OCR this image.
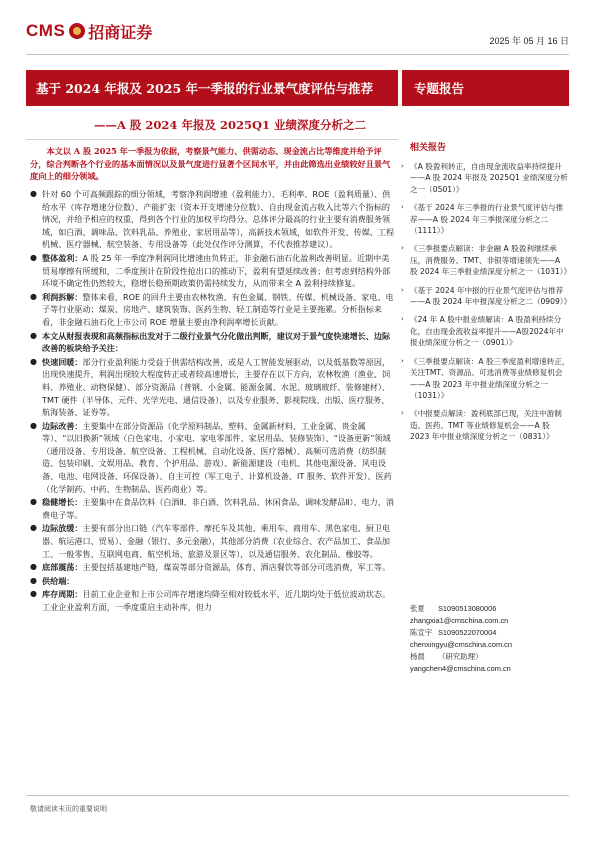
CMS 招商证券	2025 年 05 月 16 日
基于 2024 年报及 2025 年一季报的行业景气度评估与推荐	专题报告
——A 股 2024 年报及 2025Q1 业绩深度分析之二
本文以 A 股 2025 年一季报为依据，考察景气能力、供需动态、现金流占比等维度并给予评分，综合判断各个行业的基本面情况以及景气度进行显著个区间水平，并由此筛选出业绩较好且景气度向上的细分领域。
● 针对 60 个可高频跟踪的细分领域，考察净利润增速（盈利能力）、毛利率、ROE（盈利质量）、供给水平（库存增速分位数）、产能扩张（资本开支增速分位数）、自由现金流占收入比等六个指标的情况，并给予相应的权重，得到各个行业的加权平均得分。总体评分最高的行业主要有消费服务领域，如白酒、调味品、饮料乳品、养殖业、家居用品等），高新技术领域，如软件开发、传媒、工程机械、医疗器械、航空装备、专用设备等（此处仅作评分测算，不代表推荐建议）。
● 整体盈利：A 股 25 年一季度净利润同比增速由负转正，非金融石油石化盈利改善明显。近期中美贸易摩擦有所缓和，二季度预计在阶段性抢出口的推动下，盈利有望延续改善；但考虑到结构外部环境不确定性仍然较大，稳增长稳预期政策仍需持续发力，从而带来全 A 盈利持续修复。
● 利润拆解：整体来看，ROE 的回升主要由农林牧渔、有色金属、钢铁、传媒、机械设备、家电、电子等行业驱动；煤炭、房地产、建筑装饰、医药生物、轻工制造等行业是主要拖累。分析指标来看，非金融石油石化上市公司 ROE 增量主要由净利润率增长贡献。
● 本文从财报表现和高频指标出发对于二级行业景气分化做出判断，建议对于景气度快速增长、边际改善的板块给予关注：
● 快速回暖：部分行业盈利能力受益于供需结构改善，或是人工智能发展驱动，以及低基数等原因，出现快速提升，利润出现较大程度转正或者较高速增长，主要存在以下方向，农林牧渔（渔业、饲料、养殖业、动物保健）、部分资源品（普钢、小金属、能源金属、水泥、玻璃玻纤、装修建材）、TMT 硬件（半导体、元件、光学光电、通信设备），以及专业服务、影视院线、出版、医疗服务、航海装备、证券等。
● 边际改善：主要集中在部分资源品（化学原料制品、塑料、金属新材料、工业金属、贵金属等）、“以旧换新”领域（白色家电、小家电、家电零部件、家居用品、装修装饰）、“设备更新”领域（通用设备、专用设备、航空设备、工程机械、自动化设备、医疗器械）、高频可选消费（纺织制造、包装印刷、文娱用品、教育、个护用品、游戏）、新能源建设（电机、其他电源设备、风电设备、电池、电网设备、环保设备）、自主可控（军工电子、计算机设备、IT 服务、软件开发）、医药（化学制药、中药、生物制品、医药商业）等。
● 稳健增长：主要集中在食品饮料（白酒Ⅱ、非白酒、饮料乳品、休闲食品、调味发酵品Ⅱ）、电力、消费电子等。
● 边际放缓：主要有部分出口链（汽车零部件、摩托车及其他、乘用车、商用车、黑色家电、厨卫电器、航运港口、贸易）、金融（银行、多元金融），其他部分消费（农业综合、农产品加工、食品加工、一般零售、互联网电商、航空机场、旅游及景区等），以及通信服务、农化制品、橡胶等。
● 底部震荡：主要包括基建地产链，煤炭等部分资源品，体育、酒店餐饮等部分可选消费，军工等。
● 供给端：
● 库存周期：目前工业企业和上市公司库存增速均降至相对较低水平，近几期均处于低位波动状态。工业企业盈利方面，一季度重启主动补库，但力
相关报告
› 《A 股盈利转正，自由现金流收益率持续提升——A 股 2024 年报及 2025Q1 业绩深度分析之一（0501）》
› 《基于 2024 年三季报的行业景气度评估与推荐——A 股 2024 年三季报深度分析之二（1111）》
› 《三季报要点解读：非金融 A 股盈利继续承压，消费服务、TMT、非银等增速领先——A 股 2024 年三季报业绩深度分析之一（1031）》
› 《基于 2024 年中报的行业景气度评估与推荐——A 股 2024 年中报深度分析之二（0909）》
› 《24 年 A 股中报业绩解读：A 股盈利持续分化，自由现金流收益率提升——A股2024年中报业绩深度分析之一（0901）》
› 《三季报要点解读：A 股三季度盈利增速转正，关注TMT、资源品、可选消费等业绩修复机会——A 股 2023 年中报业绩深度分析之一（1031）》
› 《中报要点解读：盈利底部已现，关注中游制造、医药、TMT 等业绩修复机会——A 股 2023 年中报业绩深度分析之一（0831）》
张夏	S1090513080006
zhangxia1@cmschina.com.cn
陈宣宇 S1090522070004
chenxingyu@cmschina.com.cn
杨晨	（研究助理）
yangchen4@cmschina.com.cn
敬请阅读末页的重要说明
